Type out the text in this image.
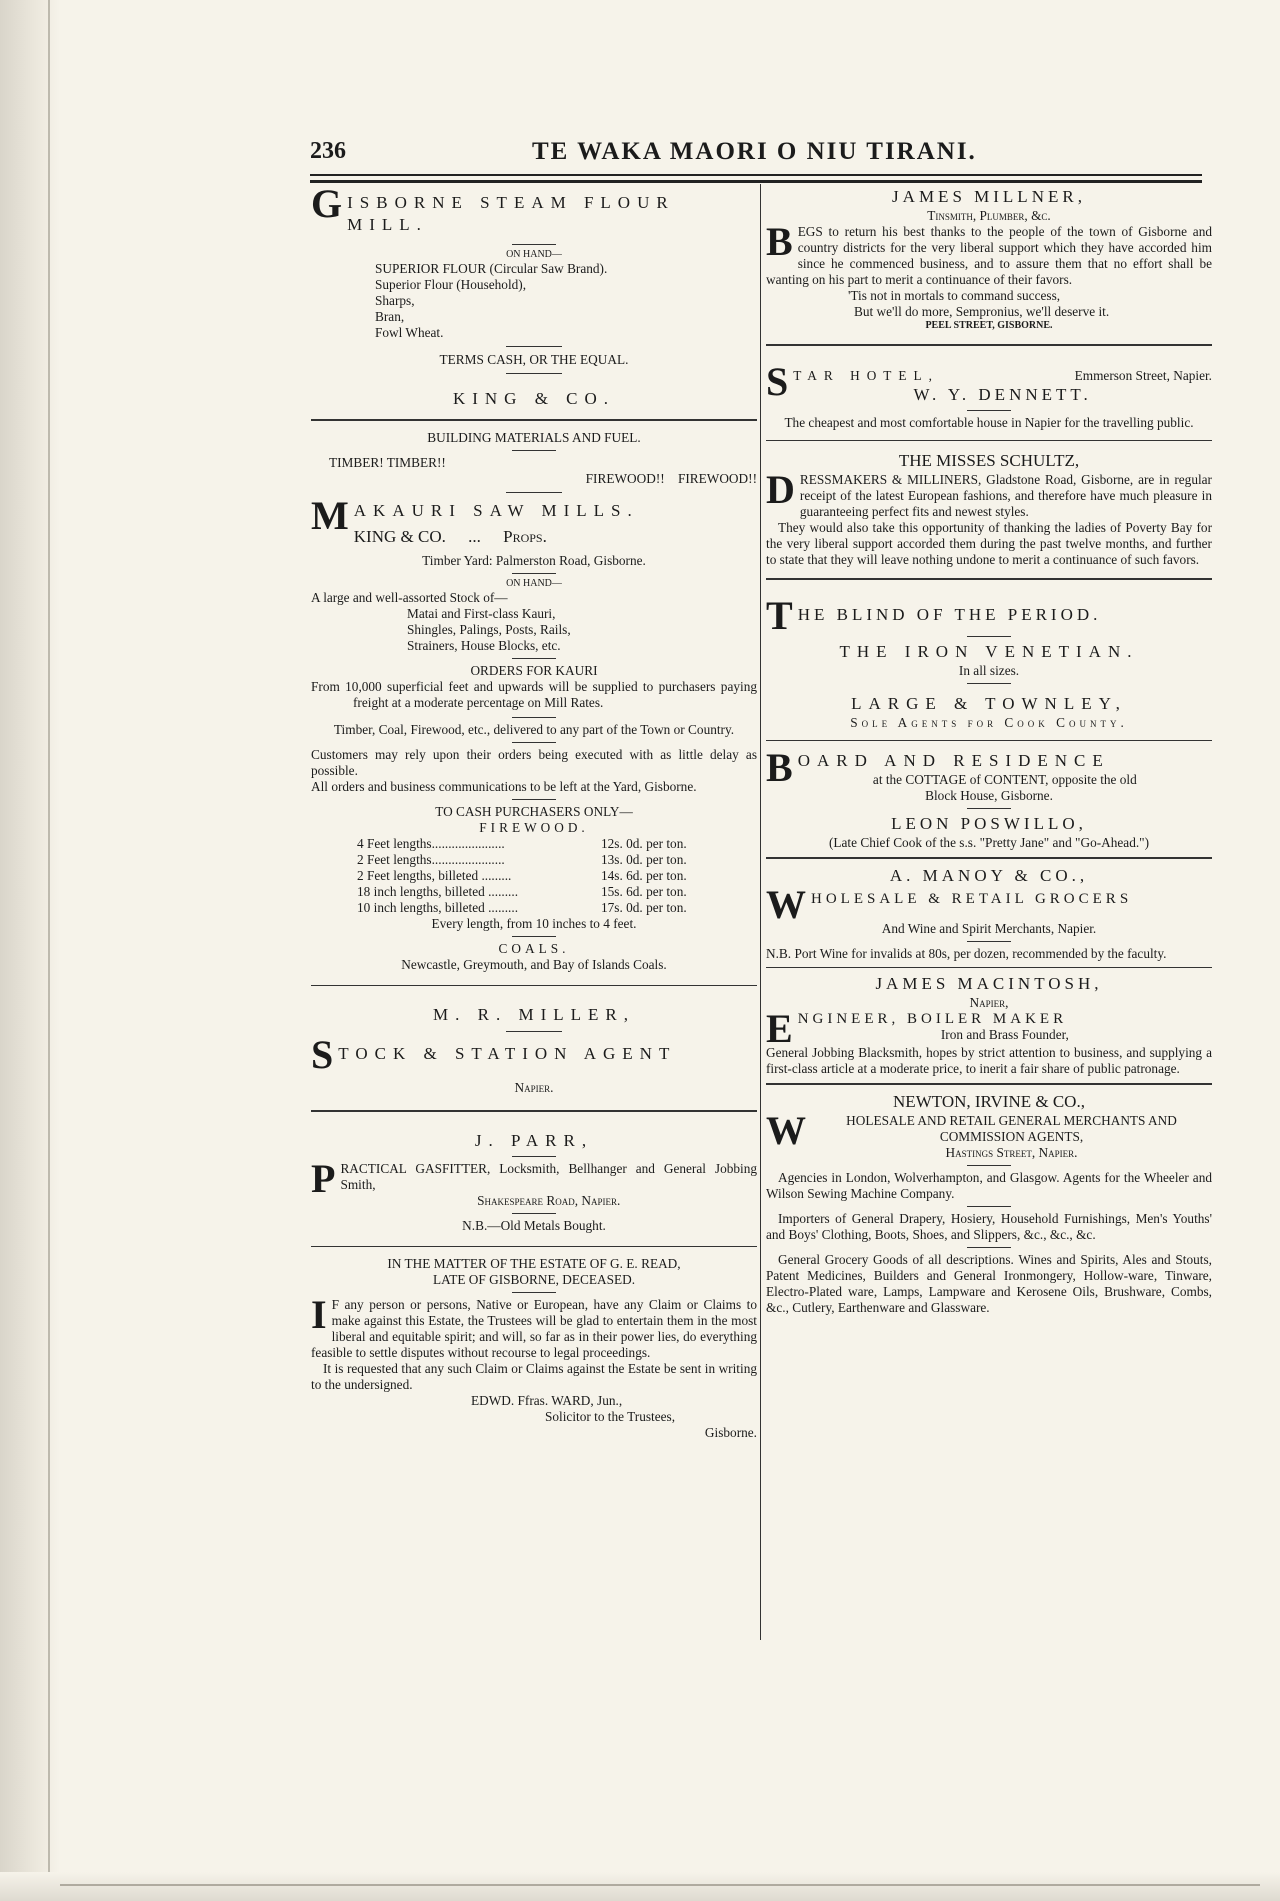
236	TE WAKA MAORI O NIU TIRANI.
G ISBORNE STEAM FLOUR MILL.
ON HAND—
SUPERIOR FLOUR (Circular Saw Brand).
Superior Flour (Household),
Sharps,
Bran,
Fowl Wheat.
TERMS CASH, OR THE EQUAL.
KING & CO.
BUILDING MATERIALS AND FUEL.
TIMBER! TIMBER!!
FIREWOOD!!    FIREWOOD!!
M AKAURI SAW MILLS.
KING & CO. ... Props.
Timber Yard: Palmerston Road, Gisborne.
ON HAND—
A large and well-assorted Stock of—
Matai and First-class Kauri,
Shingles, Palings, Posts, Rails,
Strainers, House Blocks, etc.
ORDERS FOR KAURI
From 10,000 superficial feet and upwards will be supplied to purchasers paying freight at a moderate percentage on Mill Rates.
Timber, Coal, Firewood, etc., delivered to any part of the Town or Country.
Customers may rely upon their orders being executed with as little delay as possible.
All orders and business communications to be left at the Yard, Gisborne.
TO CASH PURCHASERS ONLY—
FIREWOOD.
4 Feet lengths......................	12s. 0d. per ton.
2 Feet lengths......................	13s. 0d. per ton.
2 Feet lengths, billeted .........	14s. 6d. per ton.
18 inch lengths, billeted .........	15s. 6d. per ton.
10 inch lengths, billeted .........	17s. 0d. per ton.
Every length, from 10 inches to 4 feet.
COALS.
Newcastle, Greymouth, and Bay of Islands Coals.
M. R. MILLER,
S TOCK & STATION AGENT
Napier.
J. PARR,
P RACTICAL GASFITTER, Locksmith, Bellhanger and General Jobbing Smith,
Shakespeare Road, Napier.
N.B.—Old Metals Bought.
IN THE MATTER OF THE ESTATE OF G. E. READ,
LATE OF GISBORNE, DECEASED.
I F any person or persons, Native or European, have any Claim or Claims to make against this Estate, the Trustees will be glad to entertain them in the most liberal and equitable spirit; and will, so far as in their power lies, do everything feasible to settle disputes without recourse to legal proceedings.
It is requested that any such Claim or Claims against the Estate be sent in writing to the undersigned.
EDWD. Ffras. WARD, Jun.,
Solicitor to the Trustees,
Gisborne.
JAMES MILLNER,
Tinsmith, Plumber, &c.
B EGS to return his best thanks to the people of the town of Gisborne and country districts for the very liberal support which they have accorded him since he commenced business, and to assure them that no effort shall be wanting on his part to merit a continuance of their favors.
'Tis not in mortals to command success,
But we'll do more, Sempronius, we'll deserve it.
PEEL STREET, GISBORNE.
S TAR HOTEL,	Emmerson Street, Napier.
W. Y. DENNETT.
The cheapest and most comfortable house in Napier for the travelling public.
THE MISSES SCHULTZ,
D RESSMAKERS & MILLINERS, Gladstone Road, Gisborne, are in regular receipt of the latest European fashions, and therefore have much pleasure in guaranteeing perfect fits and newest styles.
They would also take this opportunity of thanking the ladies of Poverty Bay for the very liberal support accorded them during the past twelve months, and further to state that they will leave nothing undone to merit a continuance of such favors.
T HE BLIND OF THE PERIOD.
THE IRON VENETIAN.
In all sizes.
LARGE & TOWNLEY,
Sole Agents for Cook County.
B OARD AND RESIDENCE
at the COTTAGE of CONTENT, opposite the old
Block House, Gisborne.
LEON POSWILLO,
(Late Chief Cook of the s.s. "Pretty Jane" and "Go-Ahead.")
A. MANOY & CO.,
W HOLESALE & RETAIL GROCERS
And Wine and Spirit Merchants, Napier.
N.B. Port Wine for invalids at 80s, per dozen, recommended by the faculty.
JAMES MACINTOSH,
Napier,
E NGINEER, BOILER MAKER
Iron and Brass Founder,
General Jobbing Blacksmith, hopes by strict attention to business, and supplying a first-class article at a moderate price, to inerit a fair share of public patronage.
NEWTON, IRVINE & CO.,
W	HOLESALE AND RETAIL GENERAL MERCHANTS AND COMMISSION AGENTS,
Hastings Street, Napier.
Agencies in London, Wolverhampton, and Glasgow. Agents for the Wheeler and Wilson Sewing Machine Company.
Importers of General Drapery, Hosiery, Household Furnishings, Men's Youths' and Boys' Clothing, Boots, Shoes, and Slippers, &c., &c., &c.
General Grocery Goods of all descriptions. Wines and Spirits, Ales and Stouts, Patent Medicines, Builders and General Ironmongery, Hollow-ware, Tinware, Electro-Plated ware, Lamps, Lampware and Kerosene Oils, Brushware, Combs, &c., Cutlery, Earthenware and Glassware.
